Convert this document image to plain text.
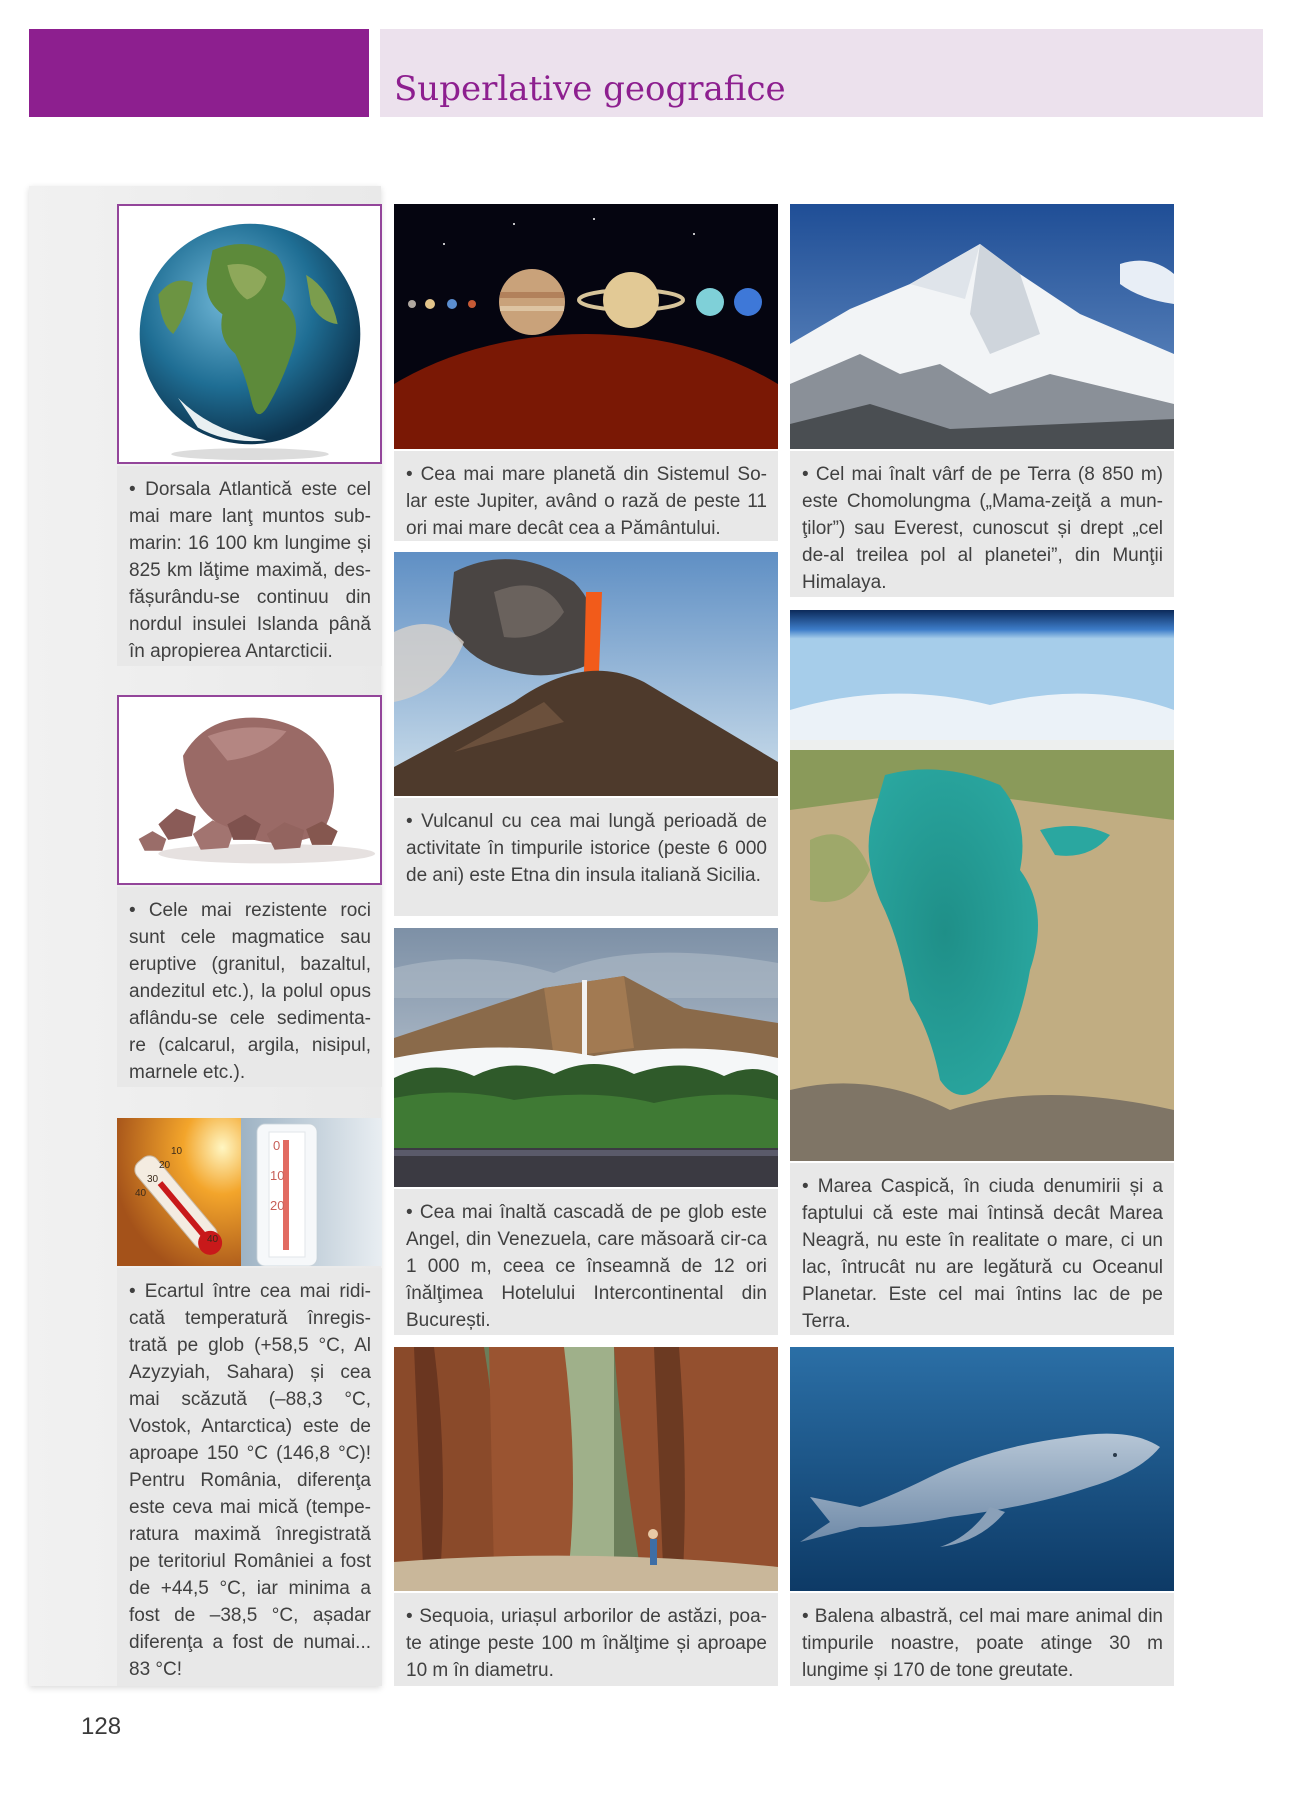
Superlative geografice
• Dorsala Atlantică este cel mai mare lanţ muntos sub-marin: 16 100 km lungime și 825 km lăţime maximă, des-fășurându-se continuu din nordul insulei Islanda până în apropierea Antarcticii.
• Cele mai rezistente roci sunt cele magmatice sau eruptive (granitul, bazaltul, andezitul etc.), la polul opus aflându-se cele sedimenta-re (calcarul, argila, nisipul, marnele etc.).
40
30
20
10
40
0
10
20
• Ecartul între cea mai ridi-cată temperatură înregis-trată pe glob (+58,5 °C, Al Azyzyiah, Sahara) și cea mai scăzută (–88,3 °C, Vostok, Antarctica) este de aproape 150 °C (146,8 °C)! Pentru România, diferenţa este ceva mai mică (tempe-ratura maximă înregistrată pe teritoriul României a fost de +44,5 °C, iar minima a fost de –38,5 °C, așadar diferenţa a fost de numai... 83 °C!
• Cea mai mare planetă din Sistemul So-lar este Jupiter, având o rază de peste 11 ori mai mare decât cea a Pământului.
• Vulcanul cu cea mai lungă perioadă de activitate în timpurile istorice (peste 6 000 de ani) este Etna din insula italiană Sicilia.
• Cea mai înaltă cascadă de pe glob este Angel, din Venezuela, care măsoară cir-ca 1 000 m, ceea ce înseamnă de 12 ori înălţimea Hotelului Intercontinental din București.
• Sequoia, uriașul arborilor de astăzi, poa-te atinge peste 100 m înălţime și aproape 10 m în diametru.
• Cel mai înalt vârf de pe Terra (8 850 m) este Chomolungma („Mama-zeiţă a mun-ţilor”) sau Everest, cunoscut și drept „cel de-al treilea pol al planetei”, din Munţii Himalaya.
• Marea Caspică, în ciuda denumirii și a faptului că este mai întinsă decât Marea Neagră, nu este în realitate o mare, ci un lac, întrucât nu are legătură cu Oceanul Planetar. Este cel mai întins lac de pe Terra.
• Balena albastră, cel mai mare animal din timpurile noastre, poate atinge 30 m lungime și 170 de tone greutate.
128
